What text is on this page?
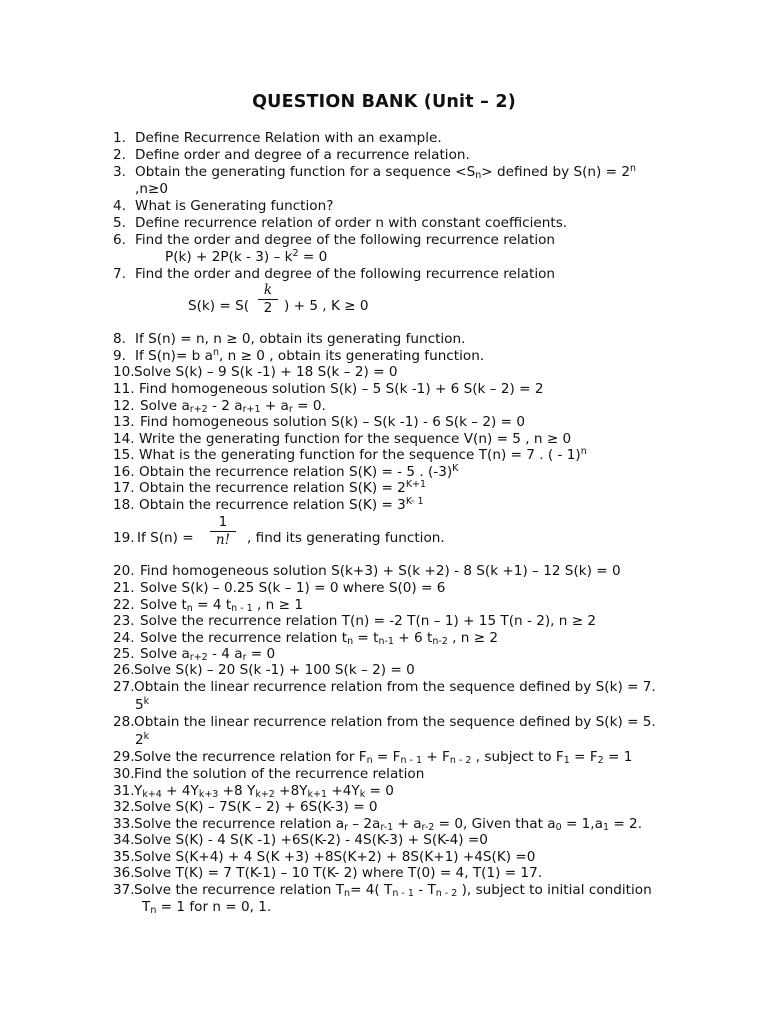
QUESTION BANK (Unit – 2)
1. Define Recurrence Relation with an example.
2. Define order and degree of a recurrence relation.
3. Obtain the generating function for a sequence $<S_n>$ defined by $S(n) = 2^n$
,n≥0
4. What is Generating function?
5. Define recurrence relation of order n with constant coefficients.
6. Find the order and degree of the following recurrence relation
$P(k) + 2P(k - 3) - k^2 = 0$
7. Find the order and degree of the following recurrence relation
S(k) = S(
k
2 ) + 5 , K ≥ 0
8. If S(n) = n, n ≥ 0, obtain its generating function.
9. If S(n)= b $a^n$, n ≥ 0 , obtain its generating function.
10. Solve S(k) – 9 S(k -1) + 18 S(k – 2) = 0
11. Find homogeneous solution S(k) – 5 S(k -1) + 6 S(k – 2) = 2
12. Solve $a_{r+2} - 2$ $a_{r+1} + a_r = 0$.
13. Find homogeneous solution S(k) – S(k -1) - 6 S(k – 2) = 0
14. Write the generating function for the sequence V(n) = 5 , n ≥ 0
15. What is the generating function for the sequence T(n) = 7 . ( - 1)$^n$
16. Obtain the recurrence relation S(K) = - 5 . $(-3)^K$
17. Obtain the recurrence relation $S(K) = 2^{K+1}$
18. Obtain the recurrence relation $S(K) = 3^{K- 1}$
19. If S(n) =	, find its generating function.
1
n!
20. Find homogeneous solution S(k+3) + S(k +2) - 8 S(k +1) – 12 S(k) = 0
21. Solve S(k) – 0.25 S(k – 1) = 0 where S(0) = 6
22. Solve $t_n = 4$ $t_{n - 1}$ , n ≥ 1
23. Solve the recurrence relation T(n) = -2 T(n – 1) + 15 T(n - 2), n ≥ 2
24. Solve the recurrence relation $t_n = t_{n-1} + 6$ $t_{n-2}$ , n ≥ 2
25. Solve $a_{r+2} - 4$ $a_r = 0$
26. Solve S(k) – 20 S(k -1) + 100 S(k – 2) = 0
27. Obtain the linear recurrence relation from the sequence defined by S(k) = 7.
5$^k$
28. Obtain the linear recurrence relation from the sequence defined by S(k) = 5.
2$^k$
29. Solve the recurrence relation for $F_n = F_{n - 1} + F_{n - 2}$ , subject to $F_1 = F_2 = 1$
30. Find the solution of the recurrence relation
31. $Y_{k+4} + 4Y_{k+3} +8$ $Y_{k+2} +8Y_{k+1} +4Y_k = 0$
32. Solve S(K) – 7S(K – 2) + 6S(K-3) = 0
33. Solve the recurrence relation $a_r - 2a_{r-1} + a_{r-2} = 0$, Given that $a_0 = 1,a_1 = 2$.
34. Solve S(K) - 4 S(K -1) +6S(K-2) - 4S(K-3) + S(K-4) =0
35. Solve S(K+4) + 4 S(K +3) +8S(K+2) + 8S(K+1) +4S(K) =0
36. Solve T(K) = 7 T(K-1) – 10 T(K- 2) where T(0) = 4, T(1) = 17.
37. Solve the recurrence relation $T_n= 4$( $T_{n - 1} - T_{n - 2}$ ), subject to initial condition
$T_n = 1$ for n = 0, 1.
